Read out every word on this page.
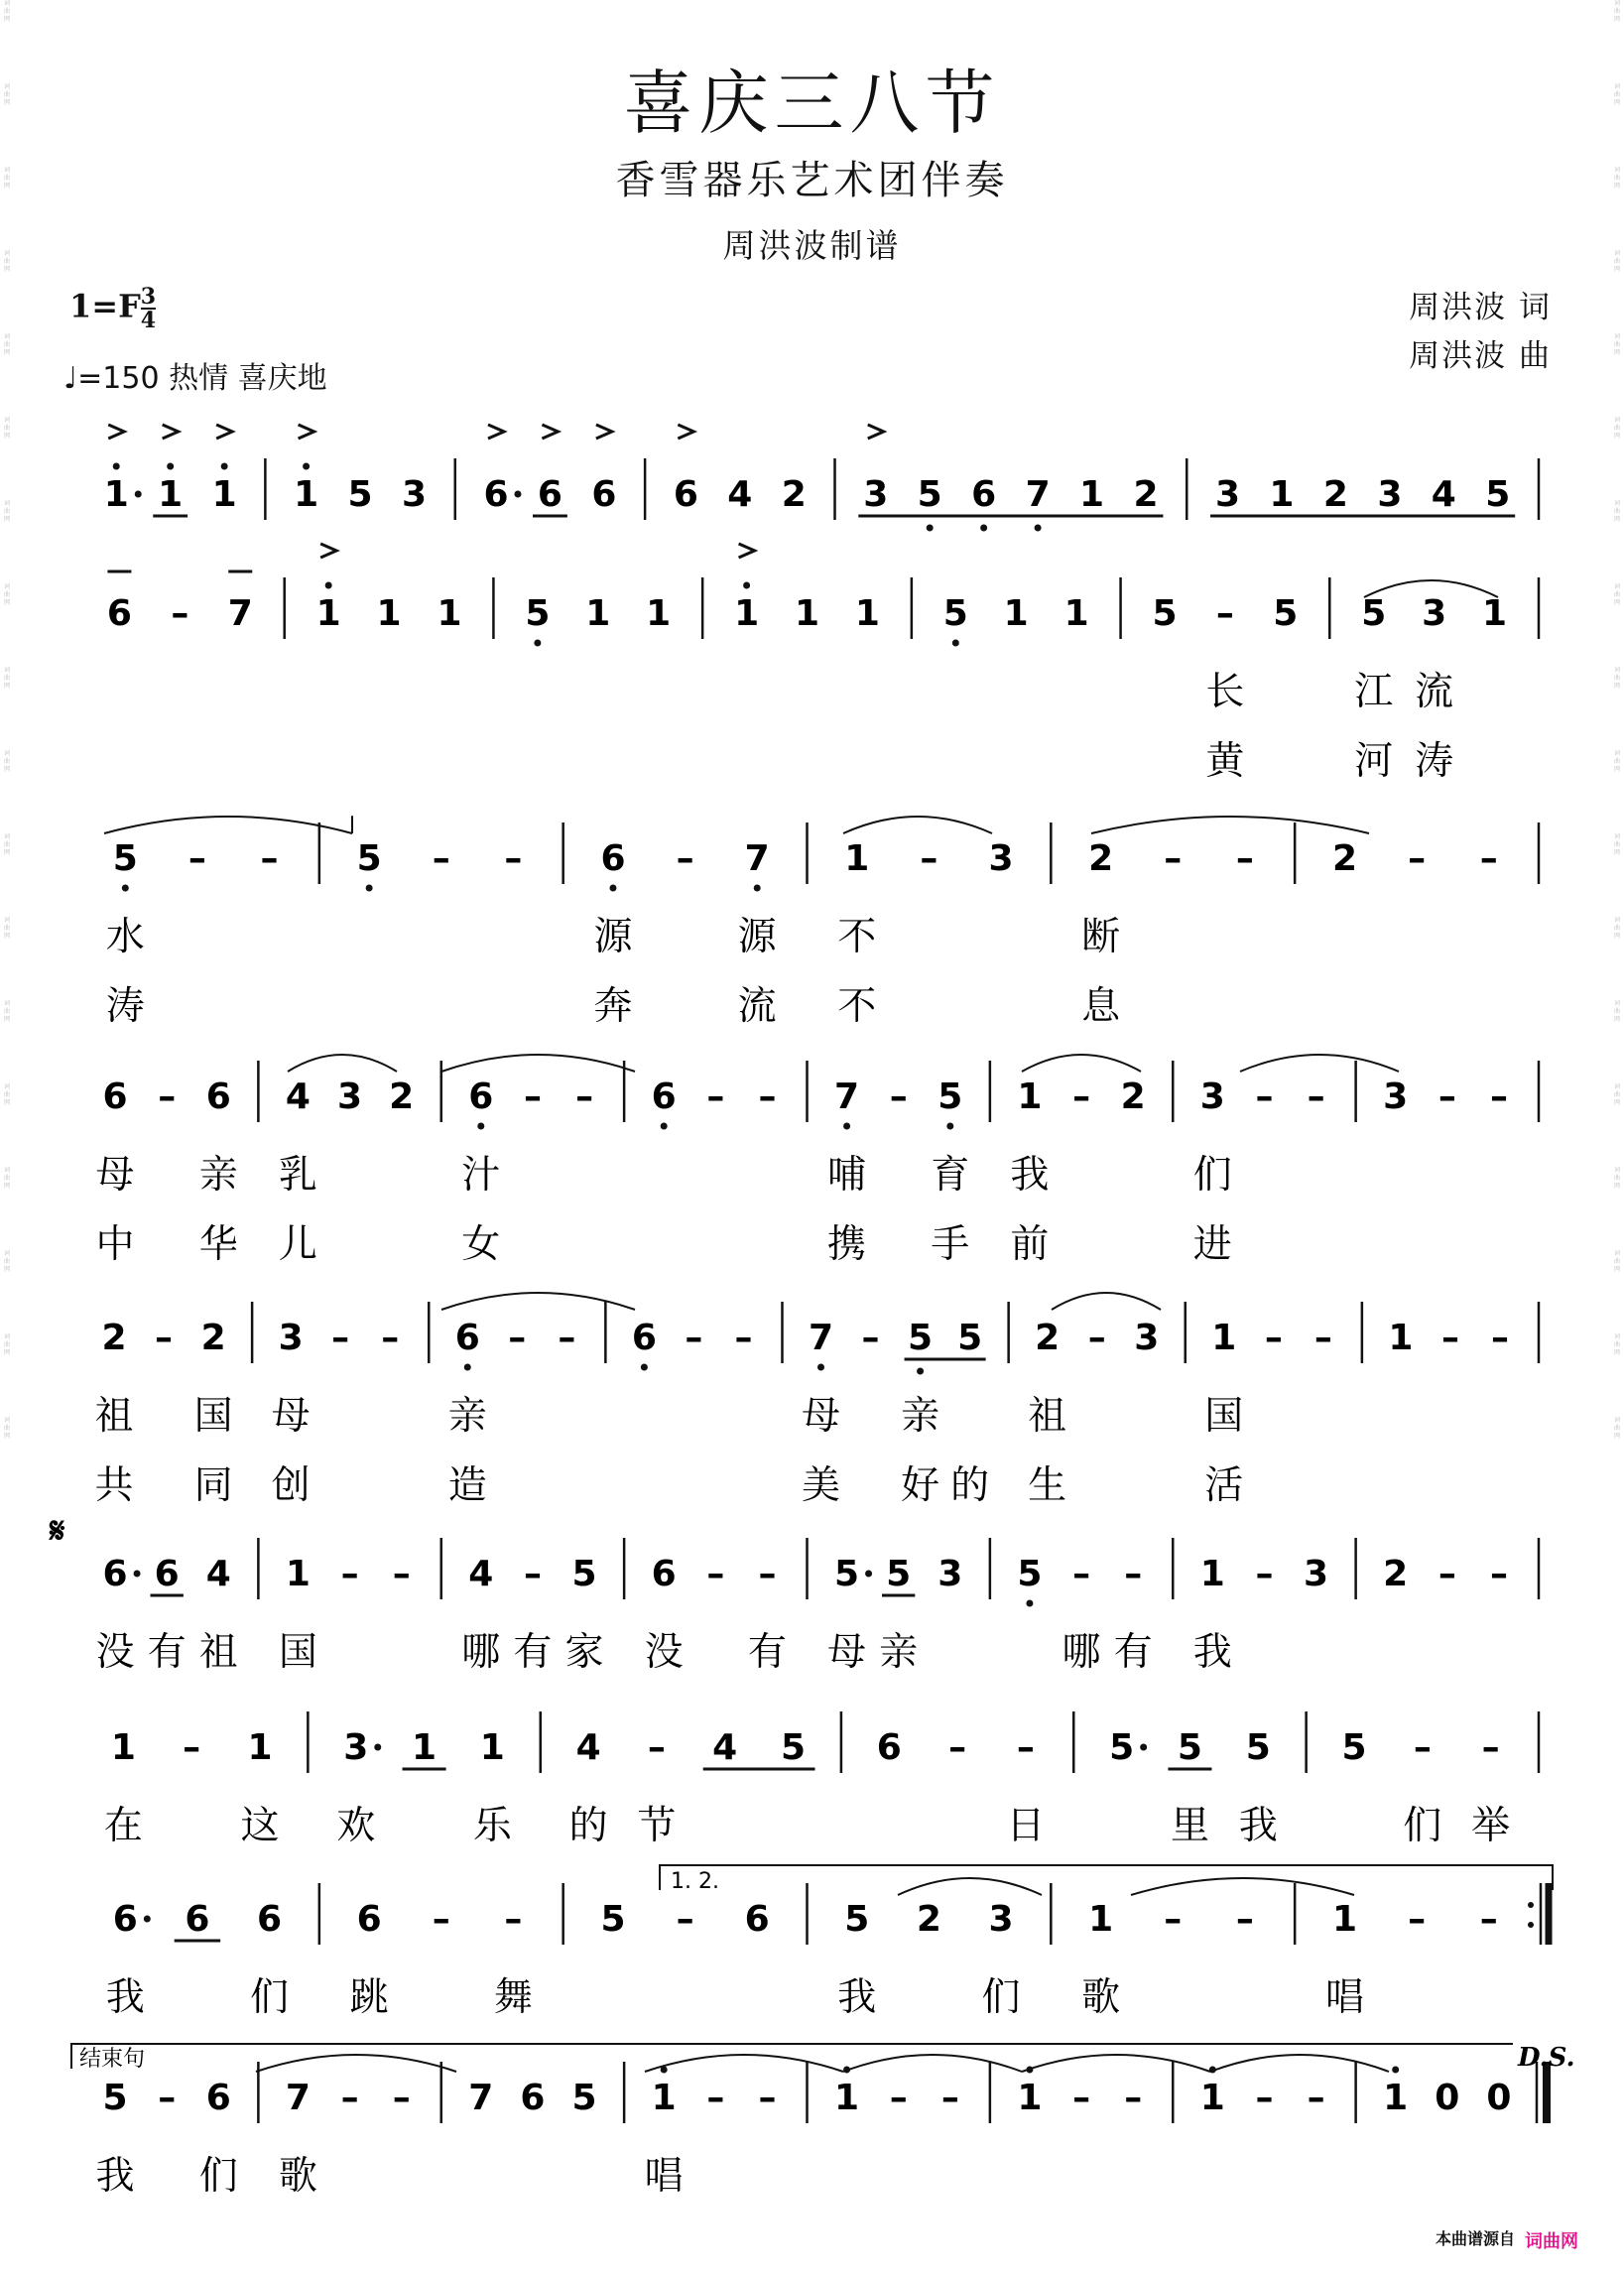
词曲网
词曲网
词曲网
词曲网
词曲网
词曲网
词曲网
词曲网
词曲网
词曲网
词曲网
词曲网
词曲网
词曲网
词曲网
词曲网
词曲网
词曲网
词曲网
词曲网
词曲网
词曲网
词曲网
词曲网
词曲网
词曲网
词曲网
词曲网
词曲网
词曲网
词曲网
词曲网
词曲网
词曲网
词曲网
词曲网
喜庆三八节
香雪器乐艺术团伴奏
周洪波制谱
$1=F \frac{3}{4}$
♩=150 热情 喜庆地
周洪波 词
周洪波 曲
1 1 1 1 5 3 6 6 6 6 4 2 3 5 6 7 1 2 3 1 2 3 4 5
6 – 7 1 1 1 5 1 1 1 1 1 5 1 1 5 – 5 5 3 1
长	江 流
黄	河 涛
5 – – 5 – – 6 – 7 1 – 3 2 – – 2 – –
水	源	源 不	断
涛	奔	流 不	息
6 – 6 4 3 2 6 – – 6 – – 7 – 5 1 – 2 3 – – 3 – –
母 亲 乳	汁	哺 育 我	们
中 华 儿	女	携 手 前	进
2 – 2 3 – – 6 – – 6 – – 7 – 5 5 2 – 3 1 – – 1 – –
祖 国 母	亲	母 亲 祖	国
共 同 创	造	美 好 的 生	活
6 6 4 1 – – 4 – 5 6 – – 5 5 3 5 – – 1 – 3 2 – –
没 有 祖 国	哪 有 家 没 有 母 亲	哪 有 我
1 – 1 3 1 1 4 – 4 5 6 – – 5 5 5 5 – –
在	这 欢	乐 的 节	日	里 我	们 举
6 6 6 6 – – 5 – 6 5 2 3 1 – – 1 – –
我	们 跳	舞	我	们 歌	唱
5 – 6 7 – – 7 6 5 1 – – 1 – – 1 – – 1 – – 1 0 0
我 们 歌	唱
𝄋
1. 2.
结束句	D.S.
本曲谱源自 词曲网
